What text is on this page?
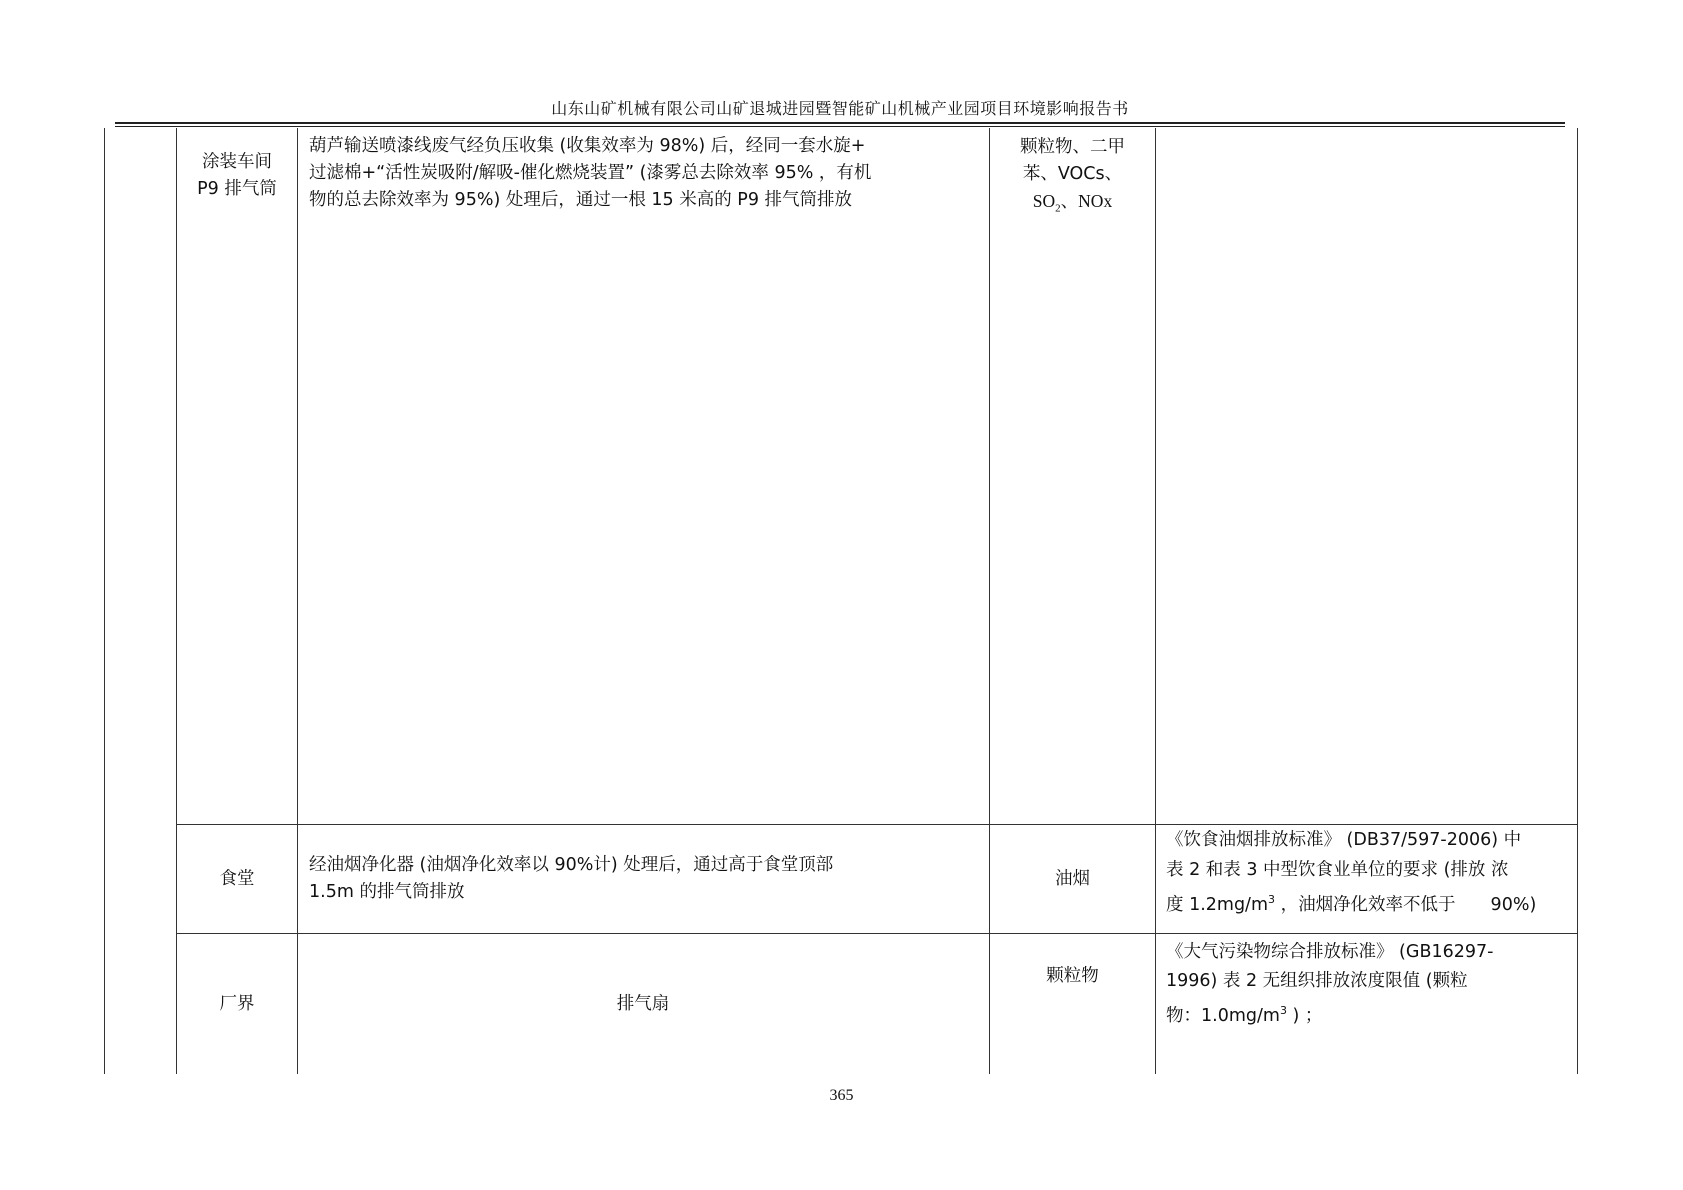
山东山矿机械有限公司山矿退城进园暨智能矿山机械产业园项目环境影响报告书
涂装车间
P9 排气筒
葫芦输送喷漆线废气经负压收集 (收集效率为 98%) 后，经同一套水旋+
过滤棉+“活性炭吸附/解吸-催化燃烧装置” (漆雾总去除效率 95% ，有机
物的总去除效率为 95%) 处理后，通过一根 15 米高的 P9 排气筒排放
颗粒物、二甲
苯、VOCs、
$SO_2$、NOx
食堂
经油烟净化器 (油烟净化效率以 90%计) 处理后，通过高于食堂顶部
1.5m 的排气筒排放
油烟
《饮食油烟排放标准》 (DB37/597-2006) 中
表 2 和表 3 中型饮食业单位的要求 (排放 浓
度 $1.2mg/m^3$ ，油烟净化效率不低于　　90%)
厂界	排气扇
颗粒物
《大气污染物综合排放标准》 (GB16297-
1996) 表 2 无组织排放浓度限值 (颗粒
物：$1.0mg/m^3$ ) ；
365
